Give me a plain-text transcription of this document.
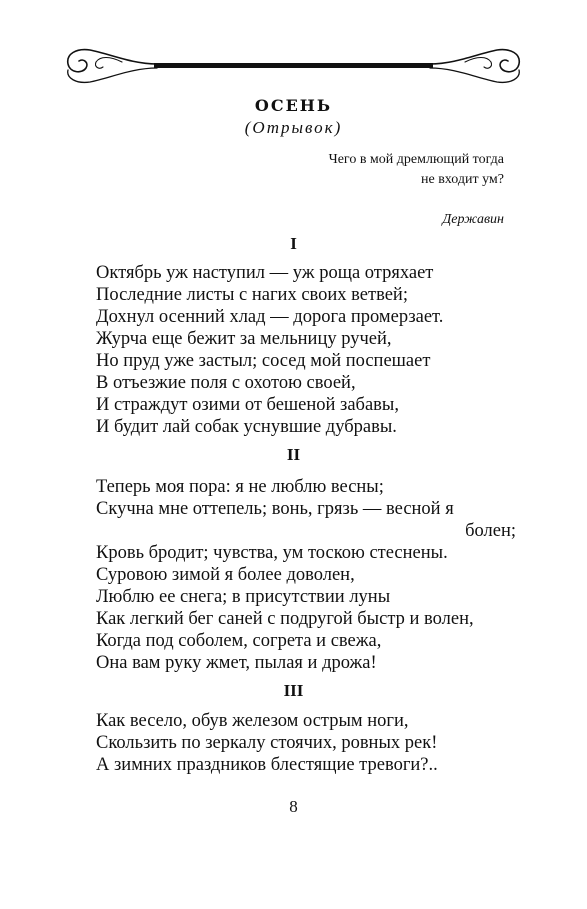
ОСЕНЬ
(Отрывок)
Чего в мой дремлющий тогда
не входит ум?
Державин
I
Октябрь уж наступил — уж роща отряхает
Последние листы с нагих своих ветвей;
Дохнул осенний хлад — дорога промерзает.
Журча еще бежит за мельницу ручей,
Но пруд уже застыл; сосед мой поспешает
В отъезжие поля с охотою своей,
И страждут озими от бешеной забавы,
И будит лай собак уснувшие дубравы.
II
Теперь моя пора: я не люблю весны;
Скучна мне оттепель; вонь, грязь — весной я
болен;
Кровь бродит; чувства, ум тоскою стеснены.
Суровою зимой я более доволен,
Люблю ее снега; в присутствии луны
Как легкий бег саней с подругой быстр и волен,
Когда под соболем, согрета и свежа,
Она вам руку жмет, пылая и дрожа!
III
Как весело, обув железом острым ноги,
Скользить по зеркалу стоячих, ровных рек!
А зимних праздников блестящие тревоги?..
8
